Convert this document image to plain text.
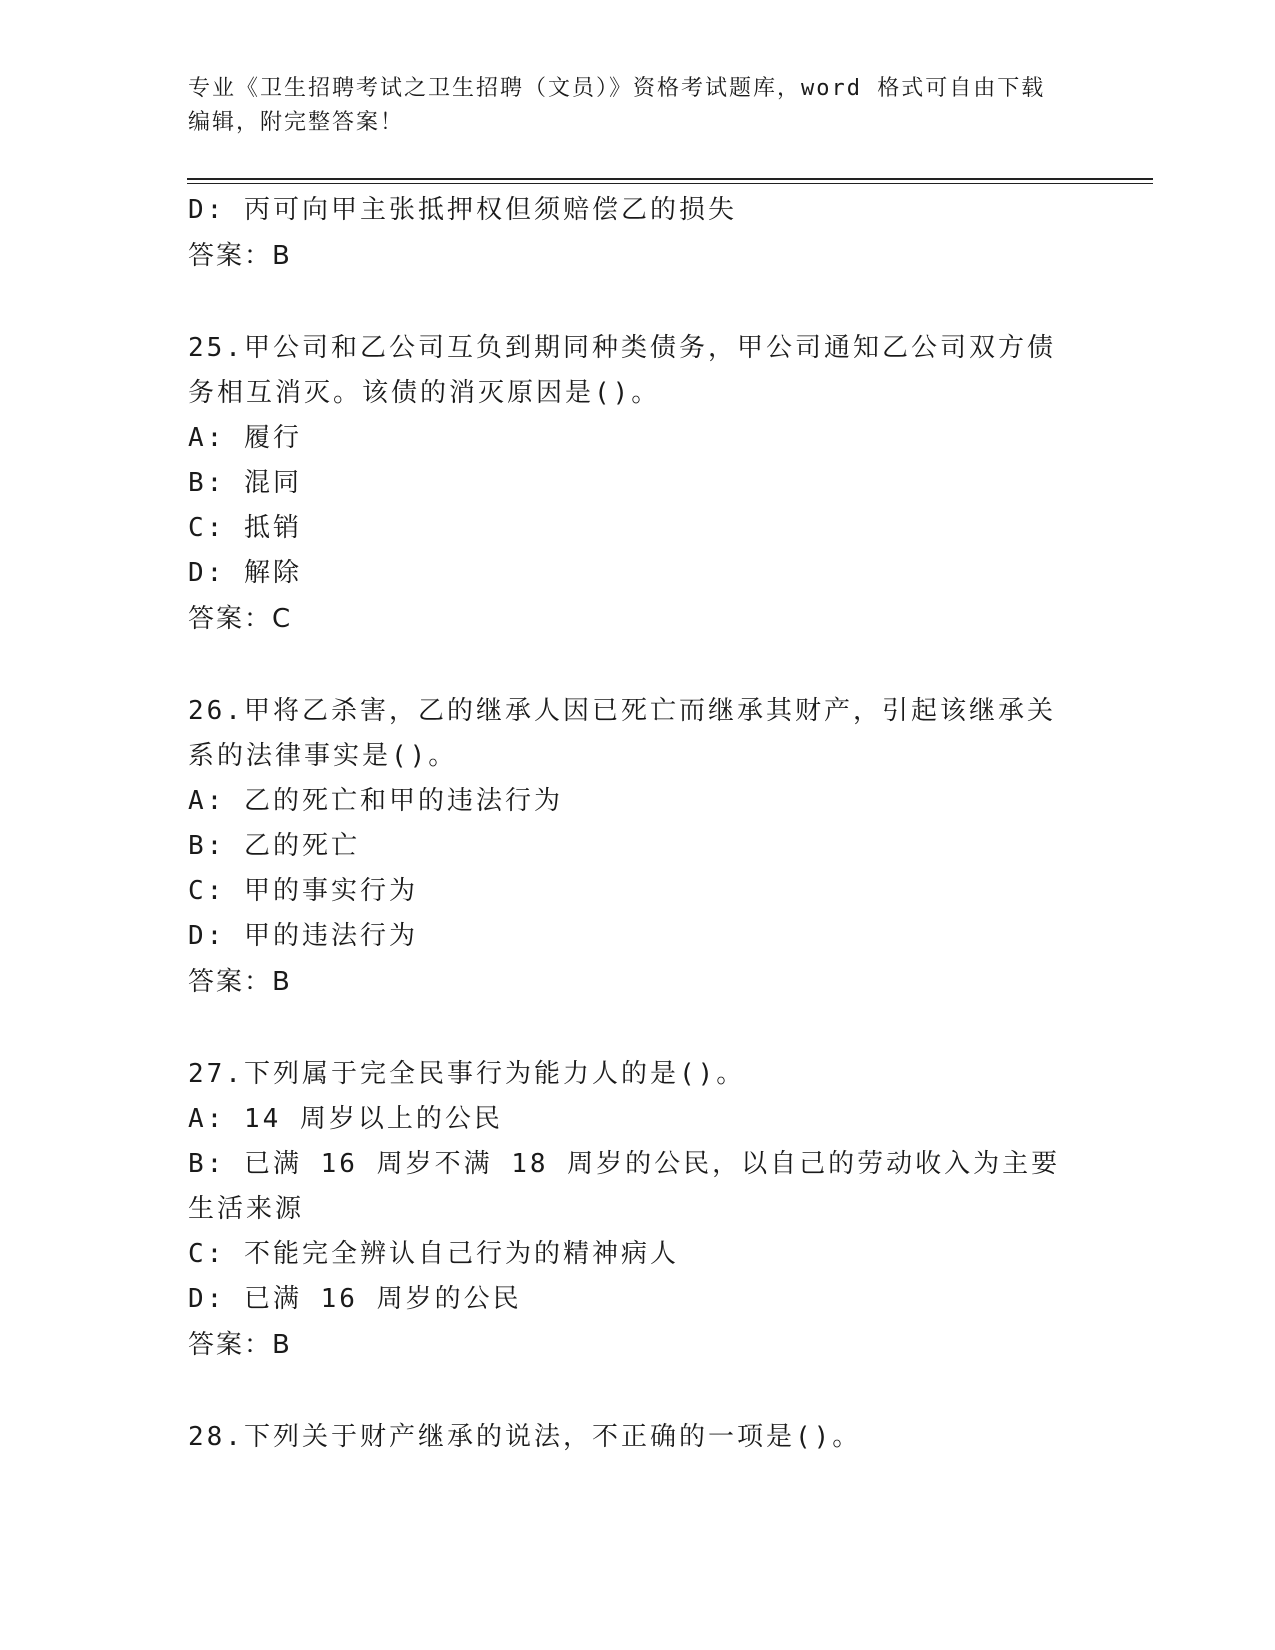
专业《卫生招聘考试之卫生招聘（文员）》资格考试题库，word 格式可自由下载编辑，附完整答案！
D: 丙可向甲主张抵押权但须赔偿乙的损失
答案：B
25.甲公司和乙公司互负到期同种类债务，甲公司通知乙公司双方债务相互消灭。该债的消灭原因是()。
A: 履行
B: 混同
C: 抵销
D: 解除
答案：C
26.甲将乙杀害，乙的继承人因已死亡而继承其财产，引起该继承关系的法律事实是()。
A: 乙的死亡和甲的违法行为
B: 乙的死亡
C: 甲的事实行为
D: 甲的违法行为
答案：B
27.下列属于完全民事行为能力人的是()。
A: 14 周岁以上的公民
B: 已满 16 周岁不满 18 周岁的公民，以自己的劳动收入为主要生活来源
C: 不能完全辨认自己行为的精神病人
D: 已满 16 周岁的公民
答案：B
28.下列关于财产继承的说法，不正确的一项是()。
